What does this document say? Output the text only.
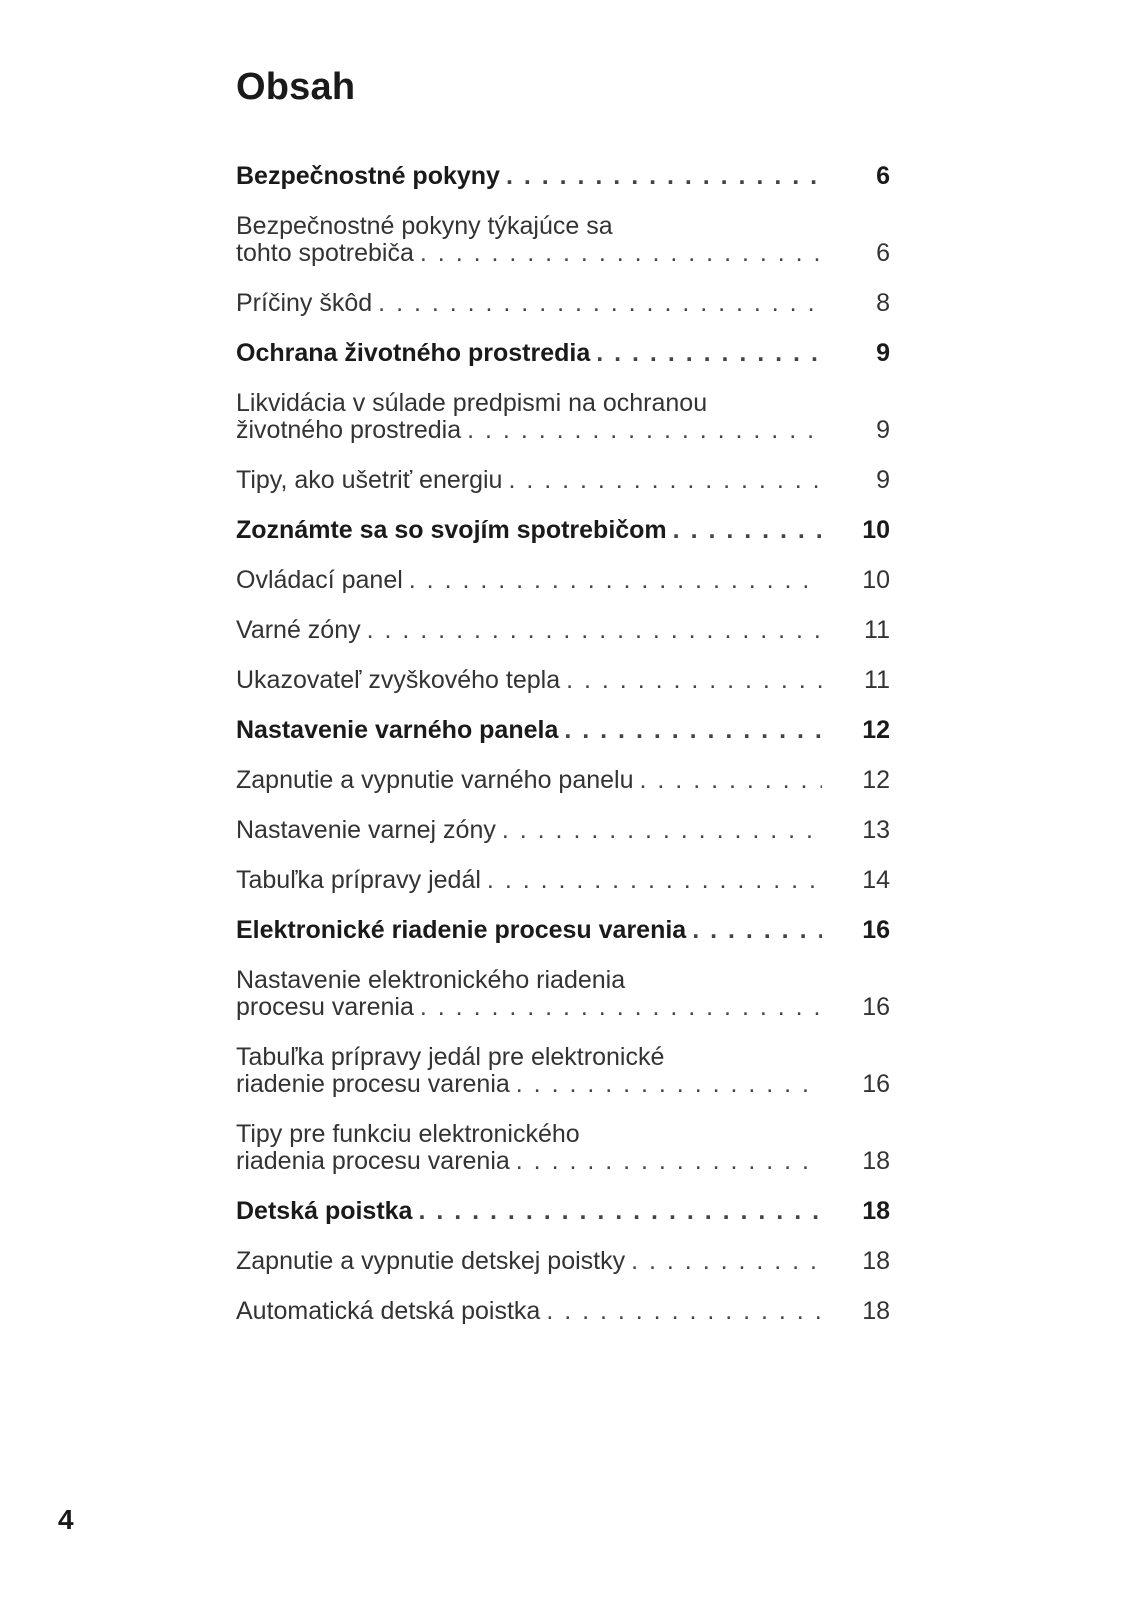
Obsah
Bezpečnostné pokyny . . .	6
Bezpečnostné pokyny týkajúce sa
tohto spotrebiča . . .	6
Príčiny škôd . . .	8
Ochrana životného prostredia . . .	9
Likvidácia v súlade predpismi na ochranou
životného prostredia . . .	9
Tipy, ako ušetriť energiu . . .	9
Zoznámte sa so svojím spotrebičom . . .	10
Ovládací panel . . .	10
Varné zóny . . .	11
Ukazovateľ zvyškového tepla . . .	11
Nastavenie varného panela . . .	12
Zapnutie a vypnutie varného panelu . . .	12
Nastavenie varnej zóny . . .	13
Tabuľka prípravy jedál . . .	14
Elektronické riadenie procesu varenia . . .	16
Nastavenie elektronického riadenia
procesu varenia . . .	16
Tabuľka prípravy jedál pre elektronické
riadenie procesu varenia . . .	16
Tipy pre funkciu elektronického
riadenia procesu varenia . . .	18
Detská poistka . . .	18
Zapnutie a vypnutie detskej poistky . . .	18
Automatická detská poistka . . .	18

4
